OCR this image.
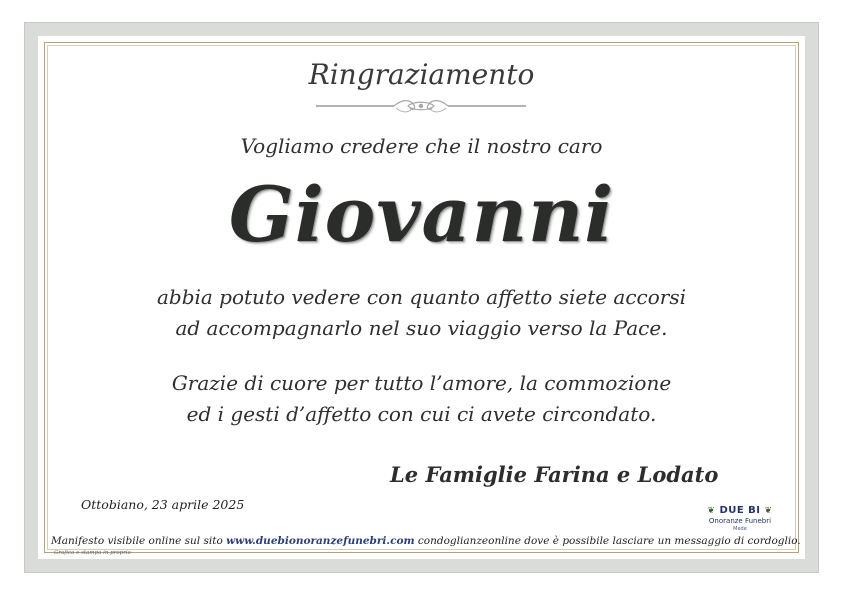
Ringraziamento
Vogliamo credere che il nostro caro
Giovanni
abbia potuto vedere con quanto affetto siete accorsi
ad accompagnarlo nel suo viaggio verso la Pace.
Grazie di cuore per tutto l’amore, la commozione
ed i gesti d’affetto con cui ci avete circondato.
Le Famiglie Farina e Lodato
Ottobiano, 23 aprile 2025	❦ DUE BI ❦
Onoranze Funebri
Mede
Manifesto visibile online sul sito www.duebionoranzefunebri.com condoglianzeonline dove è possibile lasciare un messaggio di cordoglio.
Grafica e stampa in proprio
